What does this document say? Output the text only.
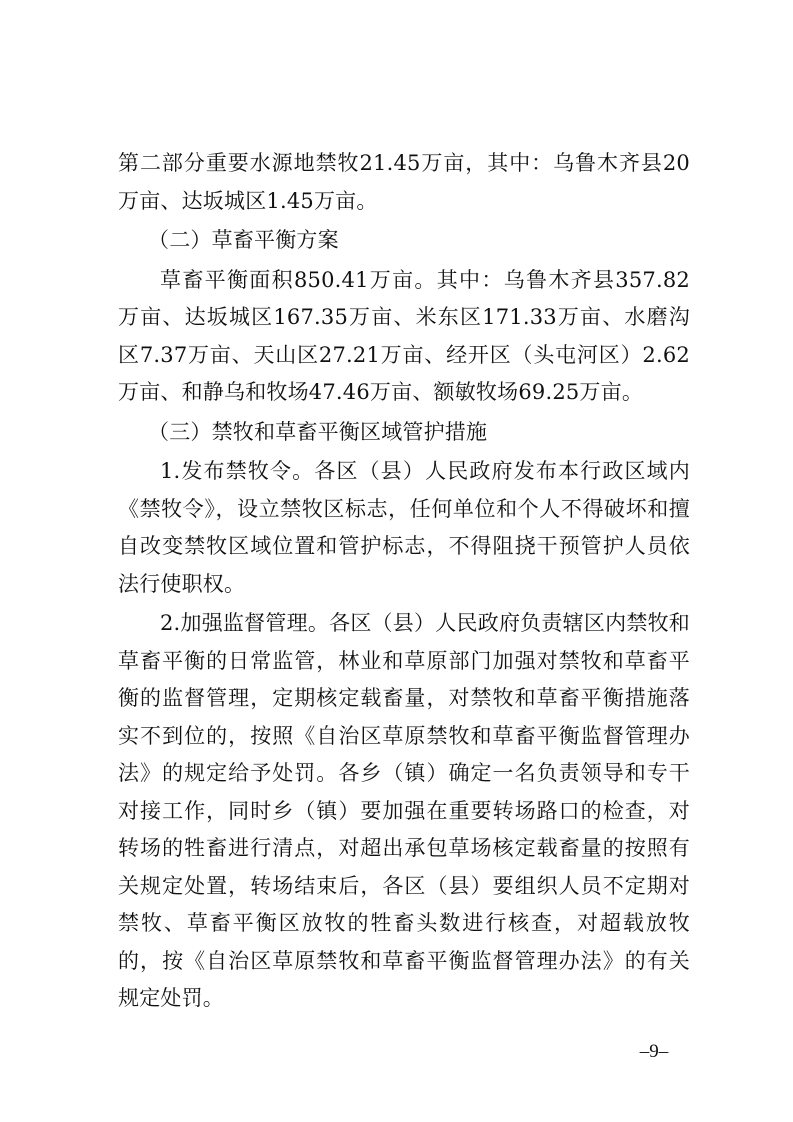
第二部分重要水源地禁牧21.45万亩，其中：乌鲁木齐县20万亩、达坂城区1.45万亩。

（二）草畜平衡方案

草畜平衡面积850.41万亩。其中：乌鲁木齐县357.82万亩、达坂城区167.35万亩、米东区171.33万亩、水磨沟区7.37万亩、天山区27.21万亩、经开区（头屯河区）2.62万亩、和静乌和牧场47.46万亩、额敏牧场69.25万亩。

（三）禁牧和草畜平衡区域管护措施

1.发布禁牧令。各区（县）人民政府发布本行政区域内《禁牧令》，设立禁牧区标志，任何单位和个人不得破坏和擅自改变禁牧区域位置和管护标志，不得阻挠干预管护人员依法行使职权。

2.加强监督管理。各区（县）人民政府负责辖区内禁牧和草畜平衡的日常监管，林业和草原部门加强对禁牧和草畜平衡的监督管理，定期核定载畜量，对禁牧和草畜平衡措施落实不到位的，按照《自治区草原禁牧和草畜平衡监督管理办法》的规定给予处罚。各乡（镇）确定一名负责领导和专干对接工作，同时乡（镇）要加强在重要转场路口的检查，对转场的牲畜进行清点，对超出承包草场核定载畜量的按照有关规定处置，转场结束后，各区（县）要组织人员不定期对禁牧、草畜平衡区放牧的牲畜头数进行核查，对超载放牧的，按《自治区草原禁牧和草畜平衡监督管理办法》的有关规定处罚。

–9–
